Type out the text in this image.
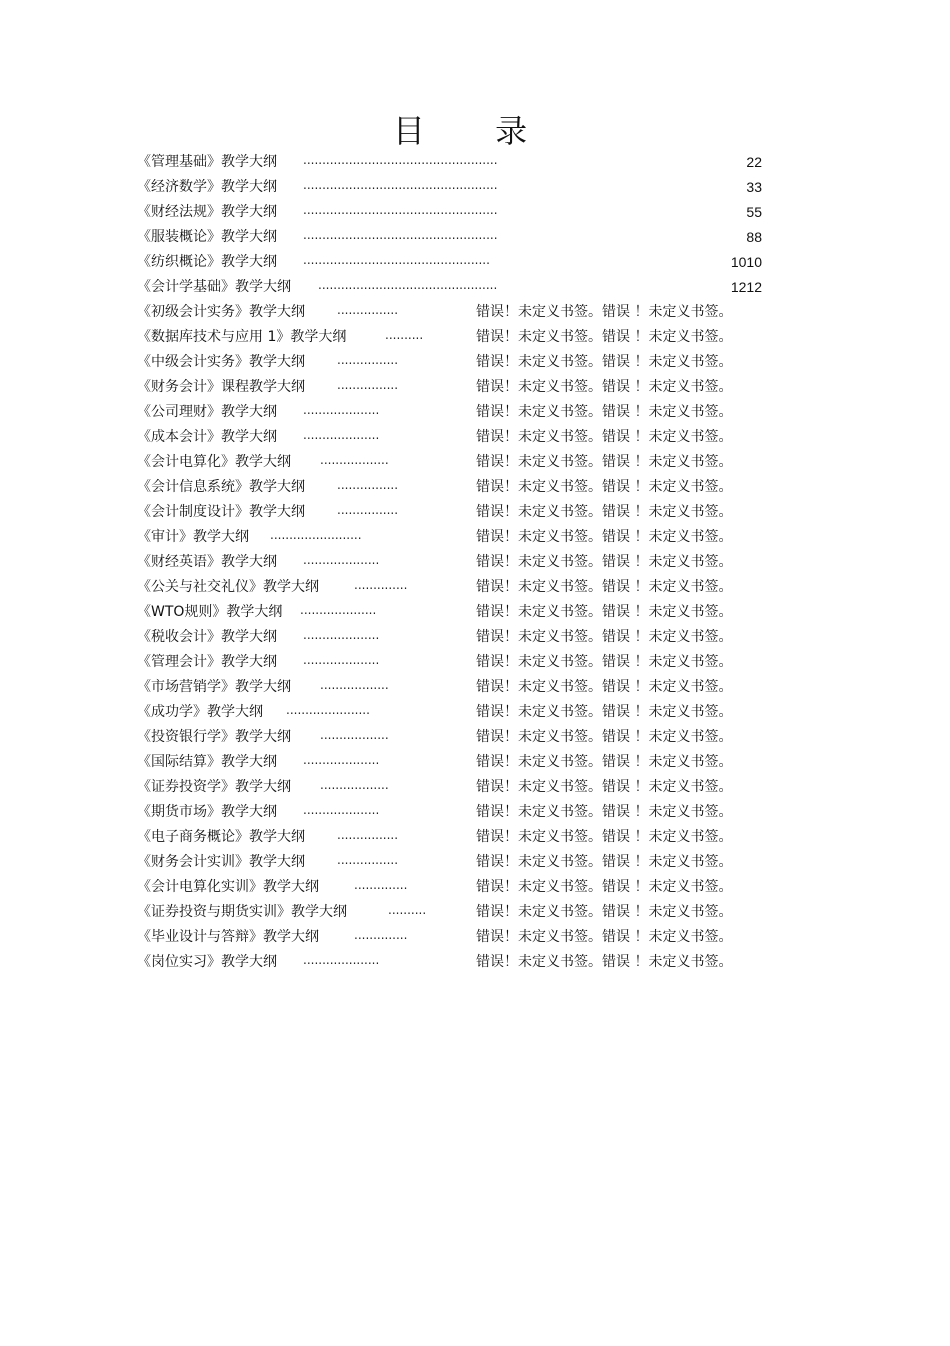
目 录
《管理基础》教学大纲 ...................................................	22
《经济数学》教学大纲 ...................................................	33
《财经法规》教学大纲 ...................................................	55
《服装概论》教学大纲 ...................................................	88
《纺织概论》教学大纲 .................................................	1010
《会计学基础》教学大纲 ...............................................	1212
《初级会计实务》教学大纲	................	错误！未定义书签。错误 ！未定义书签。
《数据库技术与应用 1》教学大纲	..........	错误！未定义书签。错误 ！未定义书签。
《中级会计实务》教学大纲	................	错误！未定义书签。错误 ！未定义书签。
《财务会计》课程教学大纲	................	错误！未定义书签。错误 ！未定义书签。
《公司理财》教学大纲 ....................	错误！未定义书签。错误 ！未定义书签。
《成本会计》教学大纲 ....................	错误！未定义书签。错误 ！未定义书签。
《会计电算化》教学大纲 ..................	错误！未定义书签。错误 ！未定义书签。
《会计信息系统》教学大纲	................	错误！未定义书签。错误 ！未定义书签。
《会计制度设计》教学大纲	................	错误！未定义书签。错误 ！未定义书签。
《审计》教学大纲 ........................	错误！未定义书签。错误 ！未定义书签。
《财经英语》教学大纲 ....................	错误！未定义书签。错误 ！未定义书签。
《公关与社交礼仪》教学大纲	..............	错误！未定义书签。错误 ！未定义书签。
《WTO规则》教学大纲 ....................	错误！未定义书签。错误 ！未定义书签。
《税收会计》教学大纲 ....................	错误！未定义书签。错误 ！未定义书签。
《管理会计》教学大纲 ....................	错误！未定义书签。错误 ！未定义书签。
《市场营销学》教学大纲 ..................	错误！未定义书签。错误 ！未定义书签。
《成功学》教学大纲 ......................	错误！未定义书签。错误 ！未定义书签。
《投资银行学》教学大纲 ..................	错误！未定义书签。错误 ！未定义书签。
《国际结算》教学大纲 ....................	错误！未定义书签。错误 ！未定义书签。
《证券投资学》教学大纲 ..................	错误！未定义书签。错误 ！未定义书签。
《期货市场》教学大纲 ....................	错误！未定义书签。错误 ！未定义书签。
《电子商务概论》教学大纲	................	错误！未定义书签。错误 ！未定义书签。
《财务会计实训》教学大纲	................	错误！未定义书签。错误 ！未定义书签。
《会计电算化实训》教学大纲	..............	错误！未定义书签。错误 ！未定义书签。
《证券投资与期货实训》教学大纲	..........	错误！未定义书签。错误 ！未定义书签。
《毕业设计与答辩》教学大纲	..............	错误！未定义书签。错误 ！未定义书签。
《岗位实习》教学大纲 ....................	错误！未定义书签。错误 ！未定义书签。
